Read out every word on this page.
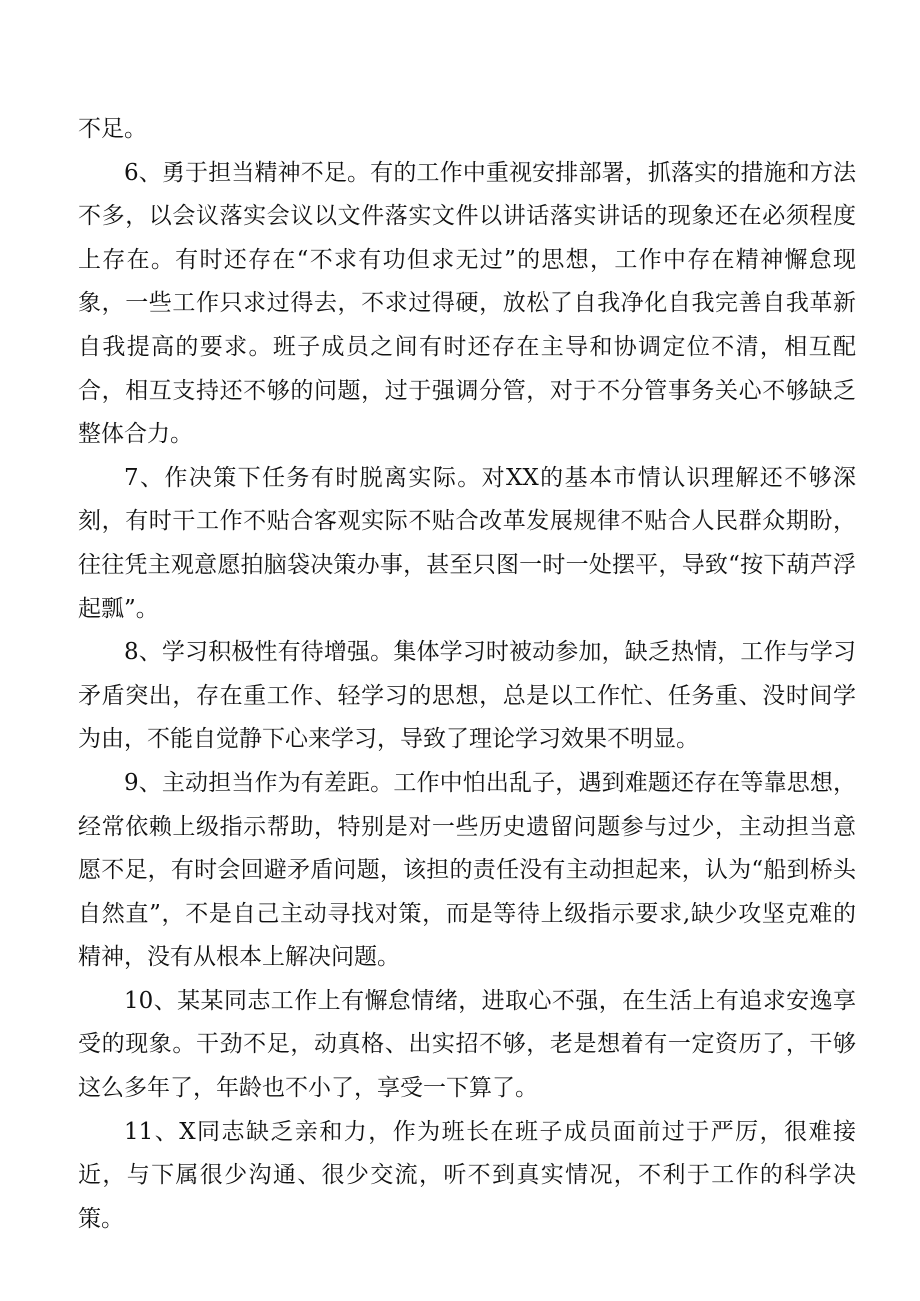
不足。

6、勇于担当精神不足。有的工作中重视安排部署，抓落实的措施和方法不多，以会议落实会议以文件落实文件以讲话落实讲话的现象还在必须程度上存在。有时还存在“不求有功但求无过”的思想，工作中存在精神懈怠现象，一些工作只求过得去，不求过得硬，放松了自我净化自我完善自我革新自我提高的要求。班子成员之间有时还存在主导和协调定位不清，相互配合，相互支持还不够的问题，过于强调分管，对于不分管事务关心不够缺乏整体合力。

7、作决策下任务有时脱离实际。对XX的基本市情认识理解还不够深刻，有时干工作不贴合客观实际不贴合改革发展规律不贴合人民群众期盼，往往凭主观意愿拍脑袋决策办事，甚至只图一时一处摆平，导致“按下葫芦浮起瓢”。

8、学习积极性有待增强。集体学习时被动参加，缺乏热情，工作与学习矛盾突出，存在重工作、轻学习的思想，总是以工作忙、任务重、没时间学为由，不能自觉静下心来学习，导致了理论学习效果不明显。

9、主动担当作为有差距。工作中怕出乱子，遇到难题还存在等靠思想，经常依赖上级指示帮助，特别是对一些历史遗留问题参与过少，主动担当意愿不足，有时会回避矛盾问题，该担的责任没有主动担起来，认为“船到桥头自然直”，不是自己主动寻找对策，而是等待上级指示要求,缺少攻坚克难的精神，没有从根本上解决问题。

10、某某同志工作上有懈怠情绪，进取心不强，在生活上有追求安逸享受的现象。干劲不足，动真格、出实招不够，老是想着有一定资历了，干够这么多年了，年龄也不小了，享受一下算了。

11、X同志缺乏亲和力，作为班长在班子成员面前过于严厉，很难接近，与下属很少沟通、很少交流，听不到真实情况，不利于工作的科学决策。
